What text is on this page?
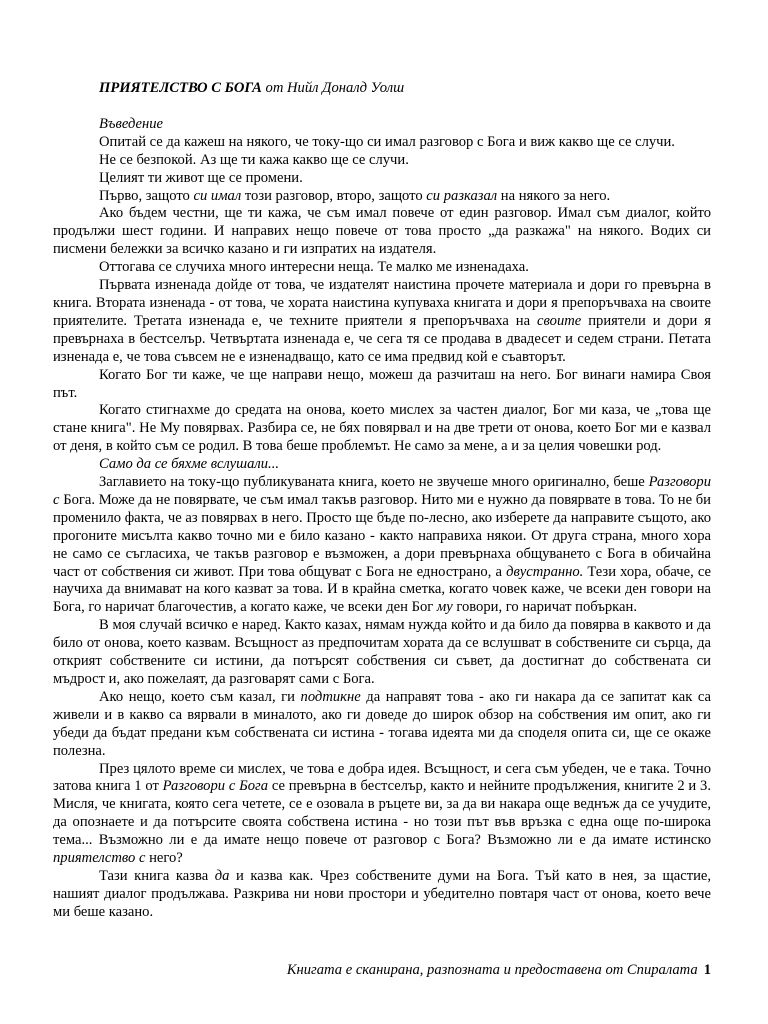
ПРИЯТЕЛСТВО С БОГА от Нийл Доналд Уолш
Въведение

Опитай се да кажеш на някого, че току-що си имал разговор с Бога и виж какво ще се случи.

Не се безпокой. Аз ще ти кажа какво ще се случи.

Целият ти живот ще се промени.

Първо, защото си имал този разговор, второ, защото си разказал на някого за него.

Ако бъдем честни, ще ти кажа, че съм имал повече от един разговор. Имал съм диалог, който продължи шест години. И направих нещо повече от това просто „да разкажа" на някого. Водих си писмени бележки за всичко казано и ги изпратих на издателя.

Оттогава се случиха много интересни неща. Те малко ме изненадаха.

Първата изненада дойде от това, че издателят наистина прочете материала и дори го превърна в книга. Втората изненада - от това, че хората наистина купуваха книгата и дори я препоръчваха на своите приятелите. Третата изненада е, че техните приятели я препоръчваха на своите приятели и дори я превърнаха в бестселър. Четвъртата изненада е, че сега тя се продава в двадесет и седем страни. Петата изненада е, че това съвсем не е изненадващо, като се има предвид кой е съавторът.

Когато Бог ти каже, че ще направи нещо, можеш да разчиташ на него. Бог винаги намира Своя път.

Когато стигнахме до средата на онова, което мислех за частен диалог, Бог ми каза, че „това ще стане книга". Не Му повярвах. Разбира се, не бях повярвал и на две трети от онова, което Бог ми е казвал от деня, в който съм се родил. В това беше проблемът. Не само за мене, а и за целия човешки род.

Само да се бяхме вслушали...

Заглавието на току-що публикуваната книга, което не звучеше много оригинално, беше Разговори с Бога. Може да не повярвате, че съм имал такъв разговор. Нито ми е нужно да повярвате в това. То не би променило факта, че аз повярвах в него. Просто ще бъде по-лесно, ако изберете да направите същото, ако прогоните мисълта какво точно ми е било казано - както направиха някои. От друга страна, много хора не само се съгласиха, че такъв разговор е възможен, а дори превърнаха общуването с Бога в обичайна част от собствения си живот. При това общуват с Бога не еднострано, а двустранно. Тези хора, обаче, се научиха да внимават на кого казват за това. И в крайна сметка, когато човек каже, че всеки ден говори на Бога, го наричат благочестив, а когато каже, че всеки ден Бог му говори, го наричат побъркан.

В моя случай всичко е наред. Както казах, нямам нужда който и да било да повярва в каквото и да било от онова, което казвам. Всъщност аз предпочитам хората да се вслушват в собствените си сърца, да открият собствените си истини, да потърсят собствения си съвет, да достигнат до собствената си мъдрост и, ако пожелаят, да разговарят сами с Бога.

Ако нещо, което съм казал, ги подтикне да направят това - ако ги накара да се запитат как са живели и в какво са вярвали в миналото, ако ги доведе до широк обзор на собствения им опит, ако ги убеди да бъдат предани към собствената си истина - тогава идеята ми да споделя опита си, ще се окаже полезна.

През цялото време си мислех, че това е добра идея. Всъщност, и сега съм убеден, че е така. Точно затова книга 1 от Разговори с Бога се превърна в бестселър, както и нейните продължения, книгите 2 и 3. Мисля, че книгата, която сега четете, се е озовала в ръцете ви, за да ви накара още веднъж да се учудите, да опознаете и да потърсите своята собствена истина - но този път във връзка с една още по-широка тема... Възможно ли е да имате нещо повече от разговор с Бога? Възможно ли е да имате истинско приятелство с него?

Тази книга казва да и казва как. Чрез собствените думи на Бога. Тъй като в нея, за щастие, нашият диалог продължава. Разкрива ни нови простори и убедително повтаря част от онова, което вече ми беше казано.

Книгата е сканирана, разпозната и предоставена от Спиралата 1
